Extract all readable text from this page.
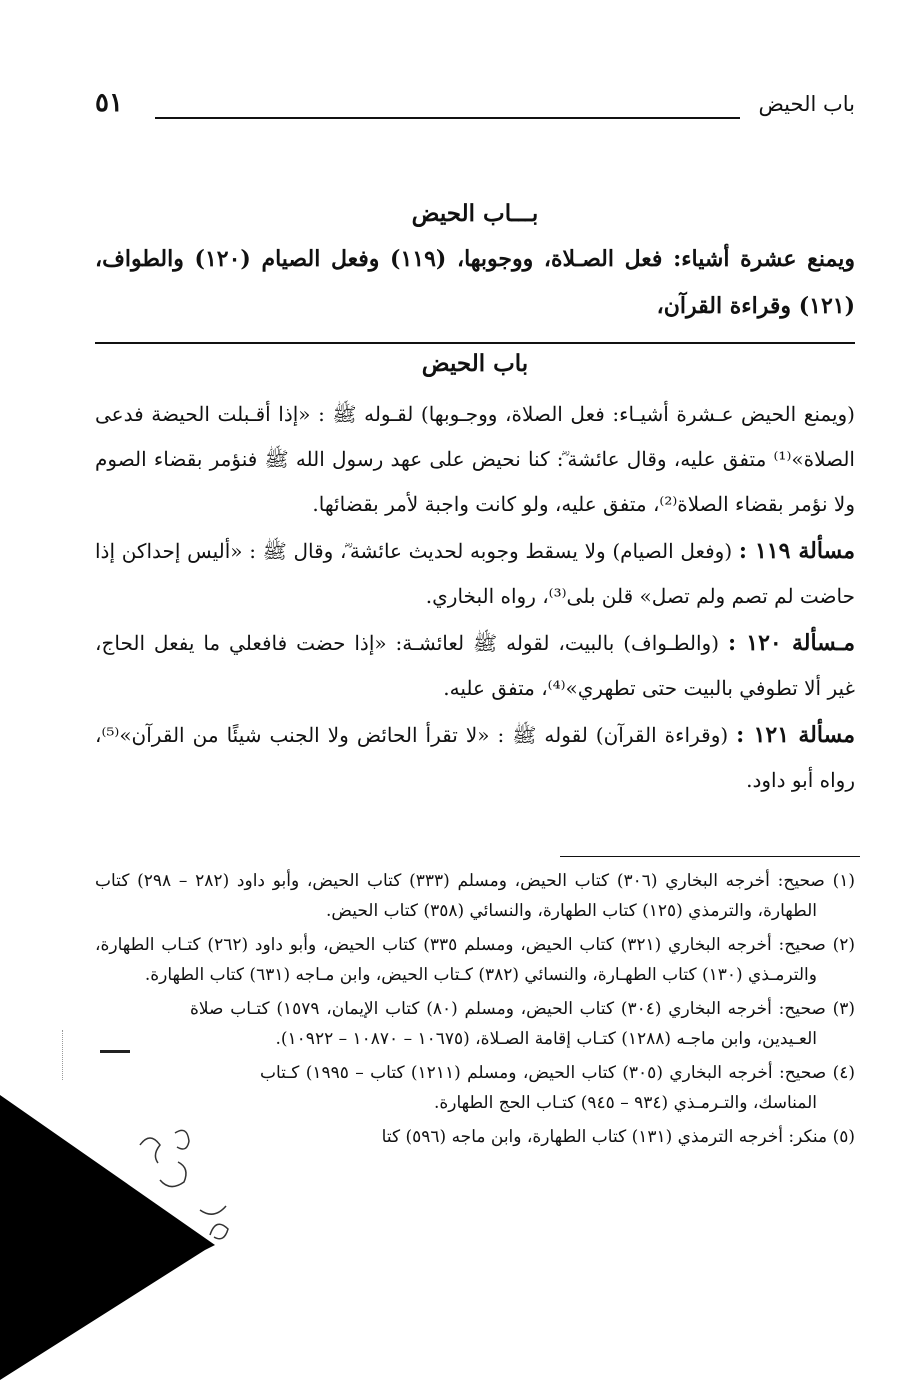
باب الحيض
٥١
بـــاب الحيض
ويمنع عشرة أشياء: فعل الصـلاة، ووجوبها، (١١٩) وفعل الصيام (١٢٠) والطواف، (١٢١) وقراءة القرآن،
باب الحيض

(ويمنع الحيض عـشرة أشيـاء: فعل الصلاة، ووجـوبها) لقـوله ﷺ : «إذا أقـبلت الحيضة فدعى الصلاة»⁽¹⁾ متفق عليه، وقال عائشة ؓ: كنا نحيض على عهد رسول الله ﷺ فنؤمر بقضاء الصوم ولا نؤمر بقضاء الصلاة⁽²⁾، متفق عليه، ولو كانت واجبة لأمر بقضائها.

مسألة ١١٩ : (وفعل الصيام) ولا يسقط وجوبه لحديث عائشة ؓ، وقال ﷺ : «أليس إحداكن إذا حاضت لم تصم ولم تصل» قلن بلى⁽³⁾، رواه البخاري.

مـسألة ١٢٠ : (والطـواف) بالبيت، لقوله ﷺ لعائشـة: «إذا حضت فافعلي ما يفعل الحاج، غير ألا تطوفي بالبيت حتى تطهري»⁽⁴⁾، متفق عليه.

مسألة ١٢١ : (وقراءة القرآن) لقوله ﷺ : «لا تقرأ الحائض ولا الجنب شيئًا من القرآن»⁽⁵⁾، رواه أبو داود.

(١) صحيح: أخرجه البخاري (٣٠٦) كتاب الحيض، ومسلم (٣٣٣) كتاب الحيض، وأبو داود (٢٨٢ – ٢٩٨) كتاب الطهارة، والترمذي (١٢٥) كتاب الطهارة، والنسائي (٣٥٨) كتاب الحيض.

(٢) صحيح: أخرجه البخاري (٣٢١) كتاب الحيض، ومسلم ٣٣٥) كتاب الحيض، وأبو داود (٢٦٢) كتـاب الطهارة، والترمـذي (١٣٠) كتاب الطهـارة، والنسائي (٣٨٢) كـتاب الحيض، وابن مـاجه (٦٣١) كتاب الطهارة.

(٣) صحيح: أخرجه البخاري (٣٠٤) كتاب الحيض، ومسلم (٨٠) كتاب الإيمان، ١٥٧٩) كتـاب صلاة العـيدين، وابن ماجـه (١٢٨٨) كتـاب إقامة الصـلاة، (١٠٦٧٥ – ١٠٨٧٠ – ١٠٩٢٢).

(٤) صحيح: أخرجه البخاري (٣٠٥) كتاب الحيض، ومسلم (١٢١١) كتاب – ١٩٩٥) كـتاب المناسك، والتـرمـذي (٩٣٤ – ٩٤٥) كتـاب الحج الطهارة.

(٥) منكر: أخرجه الترمذي (١٣١) كتاب الطهارة، وابن ماجه (٥٩٦) كتا
